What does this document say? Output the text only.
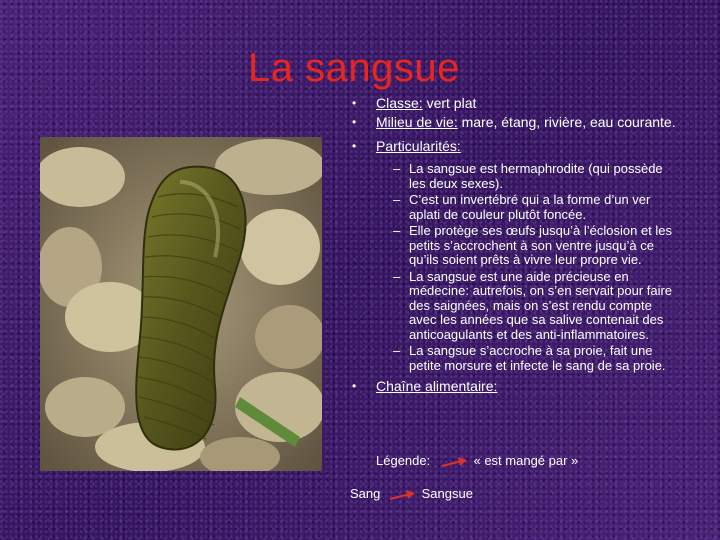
La sangsue
• Classe: vert plat
• Milieu de vie: mare, étang, rivière, eau courante.
• Particularités:
– La sangsue est hermaphrodite (qui possède les deux sexes).
– C’est un invertébré qui a la forme d’un ver aplati de couleur plutôt foncée.
– Elle protège ses œufs jusqu’à l’éclosion et les petits s’accrochent à son ventre jusqu’à ce qu’ils soient prêts à vivre leur propre vie.
– La sangsue est une aide précieuse en médecine: autrefois, on s’en servait pour faire des saignées, mais on s’est rendu compte avec les années que sa salive contenait des anticoagulants et des anti-inflammatoires.
– La sangsue s’accroche à sa proie, fait une petite morsure et infecte le sang de sa proie.
• Chaîne alimentaire:
Légende:	« est mangé par »
Sang	Sangsue
